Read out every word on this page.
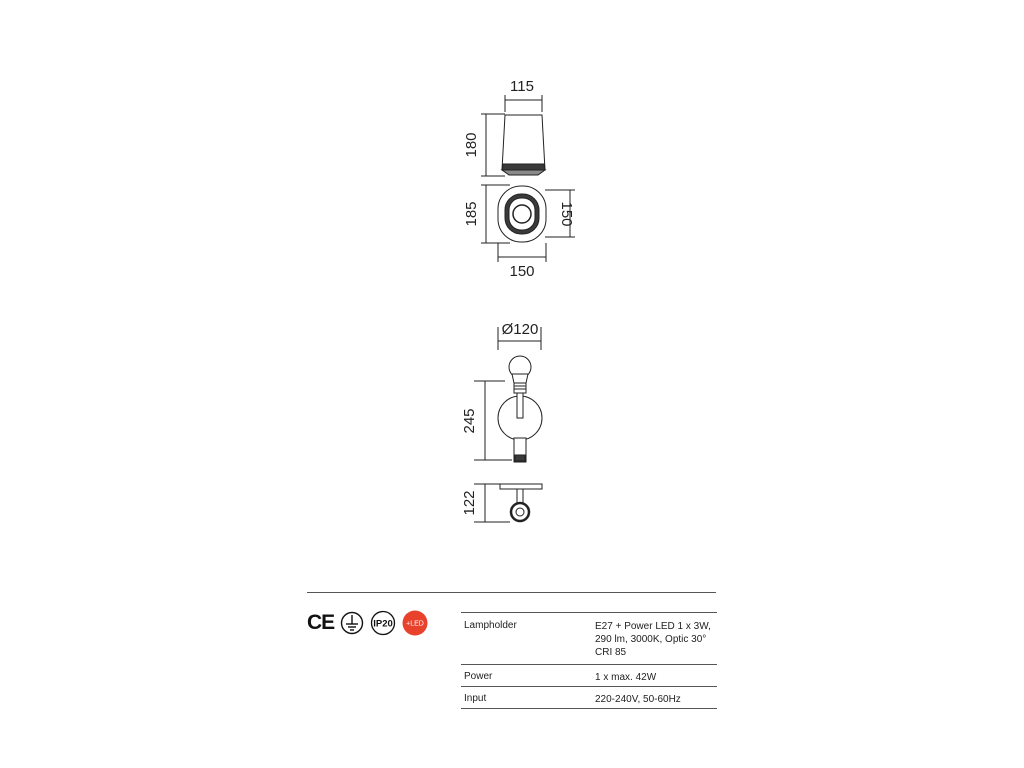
115
180
185	150
150
Ø120
245
122
CE	IP20 +LED	Lampholder	E27 + Power LED 1 x 3W,
290 lm, 3000K, Optic 30°
CRI 85
Power	1 x max. 42W
Input	220-240V, 50-60Hz
